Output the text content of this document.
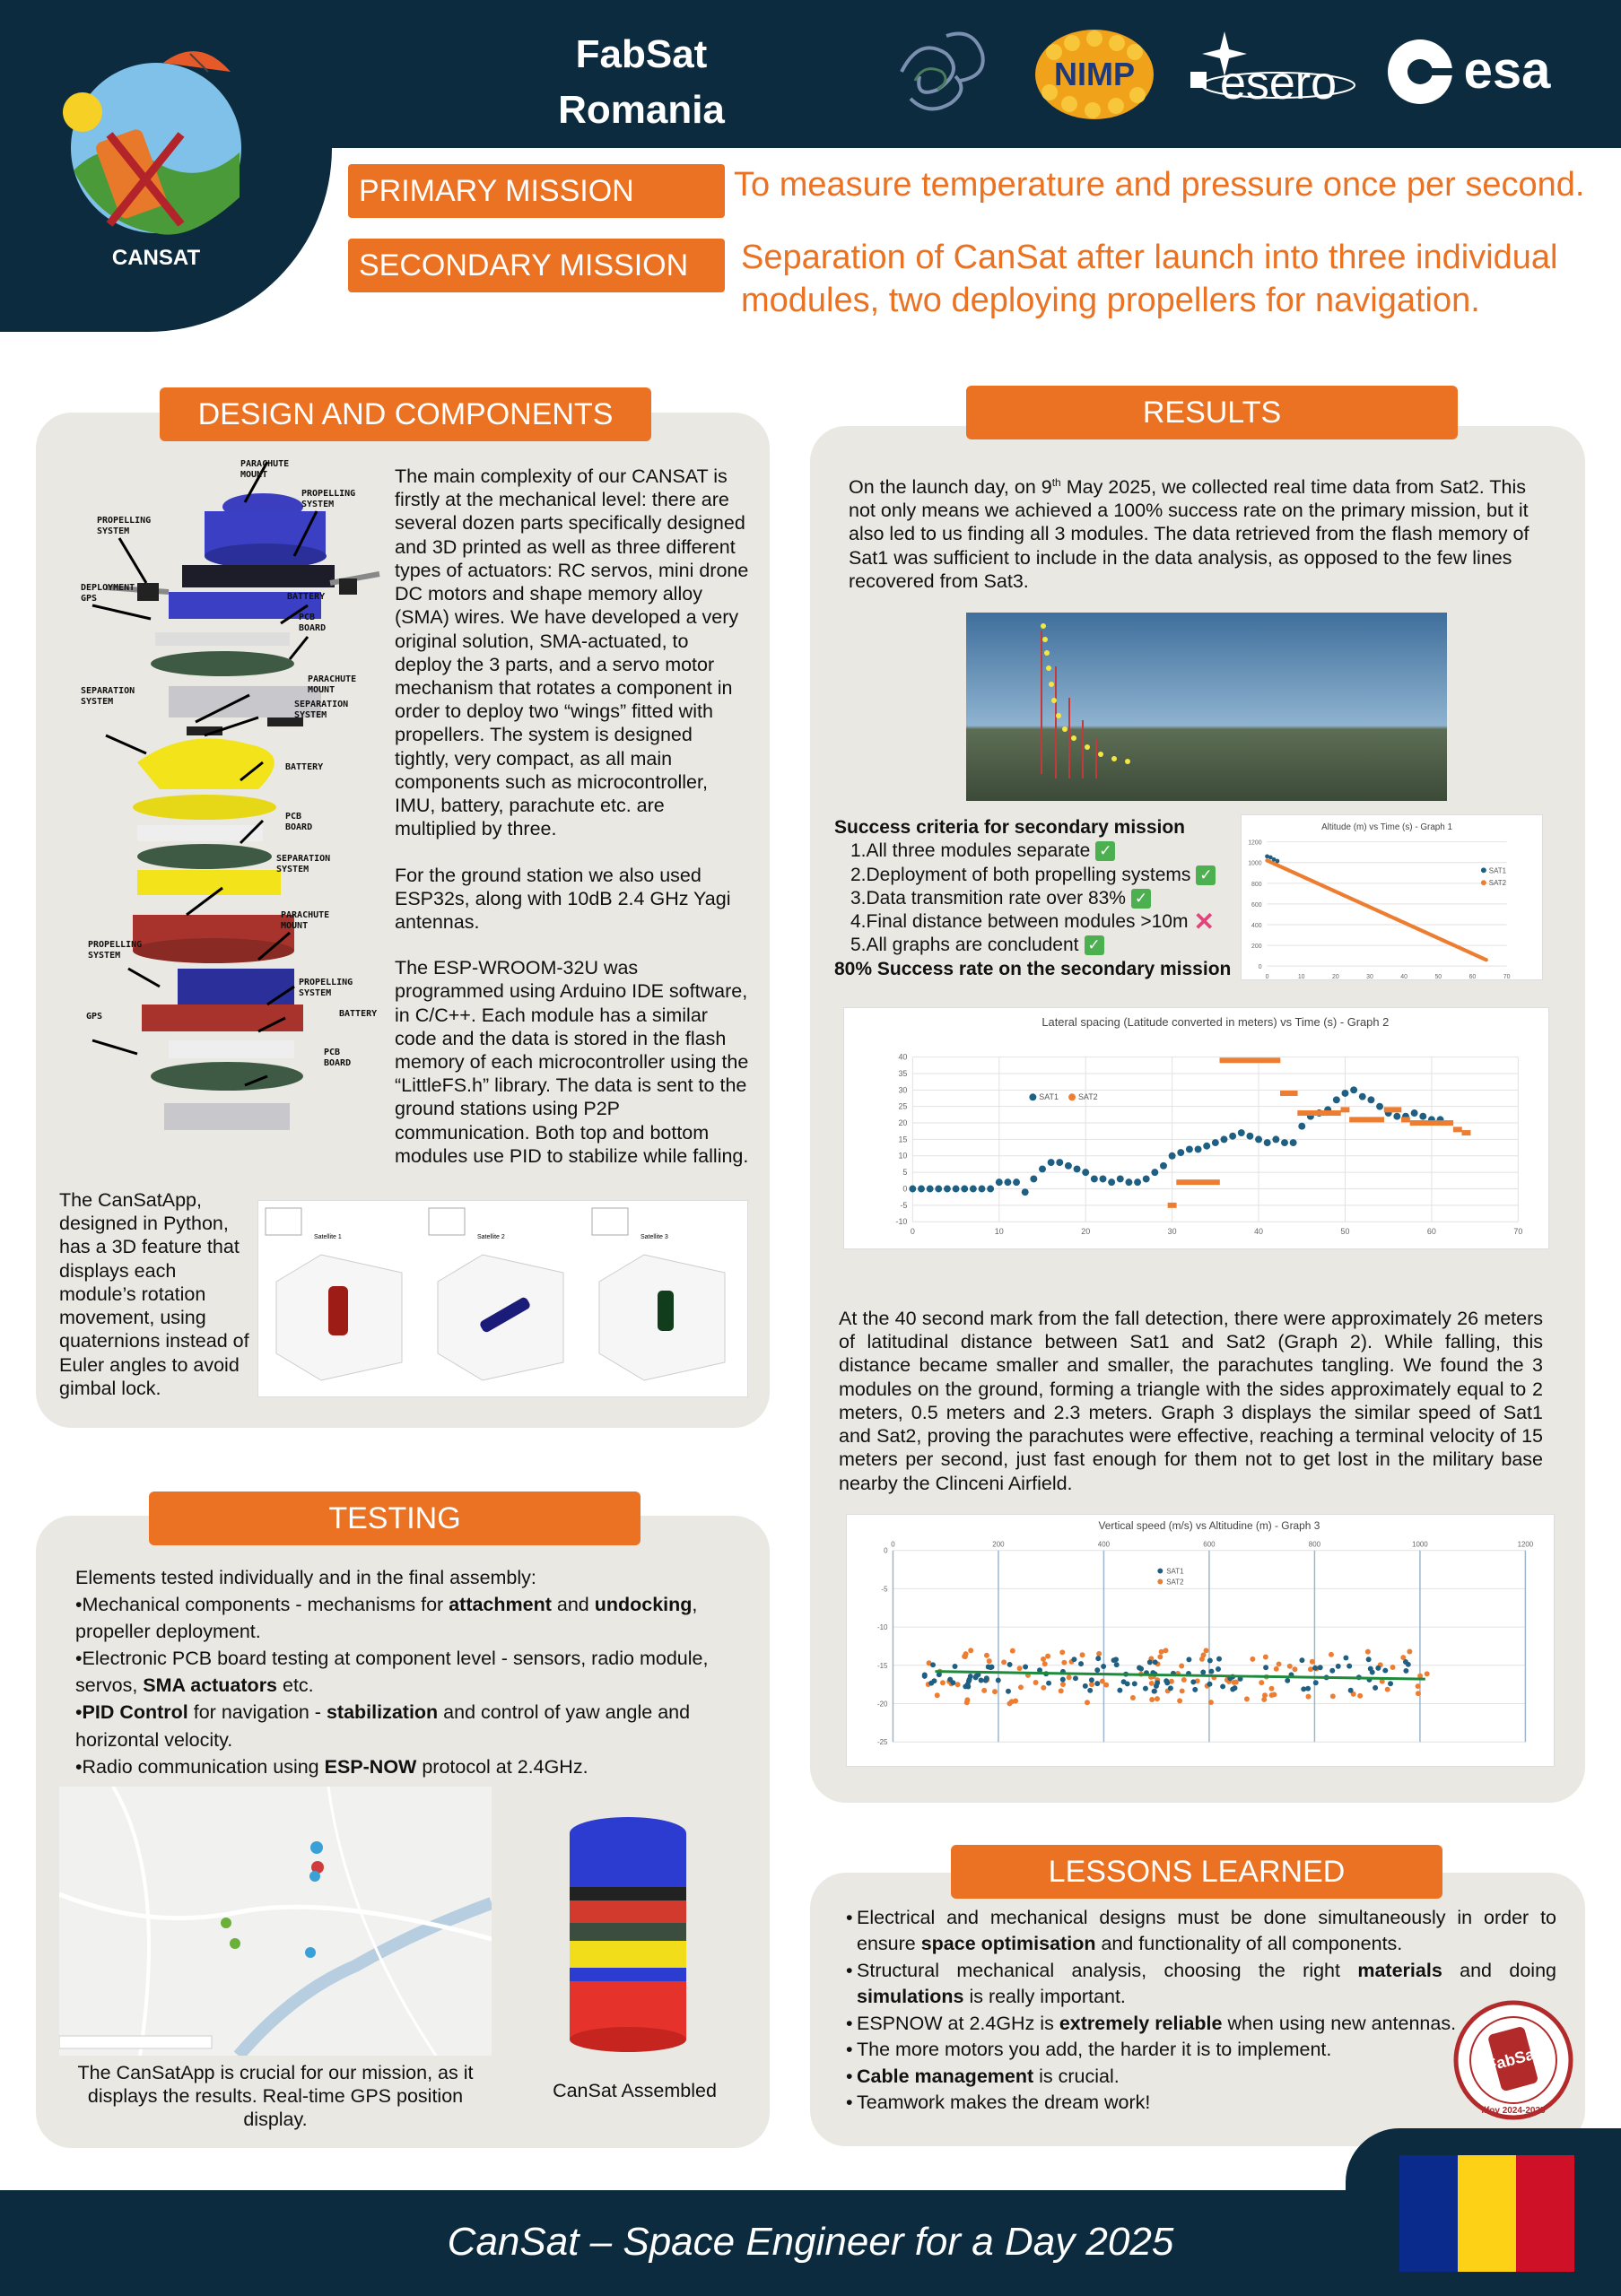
CANSAT
FabSat
Romania
NIMP esero esa
PRIMARY MISSION	To measure temperature and pressure once per second.
SECONDARY MISSION	Separation of CanSat after launch into three individual modules, two deploying propellers for navigation.
DESIGN AND COMPONENTS
PARACHUTE MOUNT
PROPELLING SYSTEM
PROPELLING SYSTEM
DEPLOYMENT GPS	BATTERY
PCB BOARD
SEPARATION SYSTEM
PARACHUTE MOUNT
SEPARATION SYSTEM
BATTERY
PCB BOARD
SEPARATION SYSTEM
PARACHUTE MOUNT
PROPELLING SYSTEM
PROPELLING SYSTEM
BATTERY
GPS
PCB BOARD

The main complexity of our CANSAT is firstly at the mechanical level: there are several dozen parts specifically designed and 3D printed as well as three different types of actuators: RC servos, mini drone DC motors and shape memory alloy (SMA) wires. We have developed a very original solution, SMA-actuated, to deploy the 3 parts, and a servo motor mechanism that rotates a component in order to deploy two “wings” fitted with propellers. The system is designed tightly, very compact, as all main components such as microcontroller, IMU, battery, parachute etc. are multiplied by three.

For the ground station we also used ESP32s, along with 10dB 2.4 GHz Yagi antennas.

The ESP-WROOM-32U was programmed using Arduino IDE software, in C/C++. Each module has a similar code and the data is stored in the flash memory of each microcontroller using the “LittleFS.h” library. The data is sent to the ground stations using P2P communication. Both top and bottom modules use PID to stabilize while falling.

The CanSatApp, designed in Python, has a 3D feature that displays each module’s rotation movement, using quaternions instead of Euler angles to avoid gimbal lock.
Satellite 1	Satellite 2	Satellite 3
TESTING

Elements tested individually and in the final assembly:

•Mechanical components - mechanisms for attachment and undocking, propeller deployment.

•Electronic PCB board testing at component level - sensors, radio module, servos, SMA actuators etc.

•PID Control for navigation - stabilization and control of yaw angle and horizontal velocity.

•Radio communication using ESP-NOW protocol at 2.4GHz.

The CanSatApp is crucial for our mission, as it displays the results. Real-time GPS position display.
CanSat Assembled
RESULTS

On the launch day, on 9th May 2025, we collected real time data from Sat2. This not only means we achieved a 100% success rate on the primary mission, but it also led to us finding all 3 modules. The data retrieved from the flash memory of Sat1 was sufficient to include in the data analysis, as opposed to the few lines recovered from Sat3.

Success criteria for secondary mission

1.All three modules separate ✓
2.Deployment of both propelling systems ✓
3.Data transmition rate over 83% ✓
4.Final distance between modules >10m ✕
5.All graphs are concludent ✓

80% Success rate on the secondary mission

Altitude (m) vs Time (s) - Graph 1
0
200
400
600
800
1000
1200
0	10	20	30	40	50	60	70
SAT1
SAT2
Lateral spacing (Latitude converted in meters) vs Time (s) - Graph 2
-10
-5
0
5
10
15
20
25
30
35
40
0	10	20	30	40	50	60	70
SAT1 SAT2

At the 40 second mark from the fall detection, there were approximately 26 meters of latitudinal distance between Sat1 and Sat2 (Graph 2). While falling, this distance became smaller and smaller, the parachutes tangling. We found the 3 modules on the ground, forming a triangle with the sides approximately equal to 2 meters, 0.5 meters and 2.3 meters. Graph 3 displays the similar speed of Sat1 and Sat2, proving the parachutes were effective, reaching a terminal velocity of 15 meters per second, just fast enough for them not to get lost in the military base nearby the Clinceni Airfield.

Vertical speed (m/s) vs Altitudine (m) - Graph 3
0
-5
-10
-15
-20
-25
0	200	400	600	800	1000	1200
SAT1
SAT2
LESSONS LEARNED
• Electrical and mechanical designs must be done simultaneously in order to ensure space optimisation and functionality of all components.
• Structural mechanical analysis, choosing the right materials and doing simulations is really important.
• ESPNOW at 2.4GHz is extremely reliable when using new antennas.
• The more motors you add, the harder it is to implement.
• Cable management is crucial.
• Teamwork makes the dream work!
FabSat
Ilfov 2024-2025
CanSat – Space Engineer for a Day 2025
